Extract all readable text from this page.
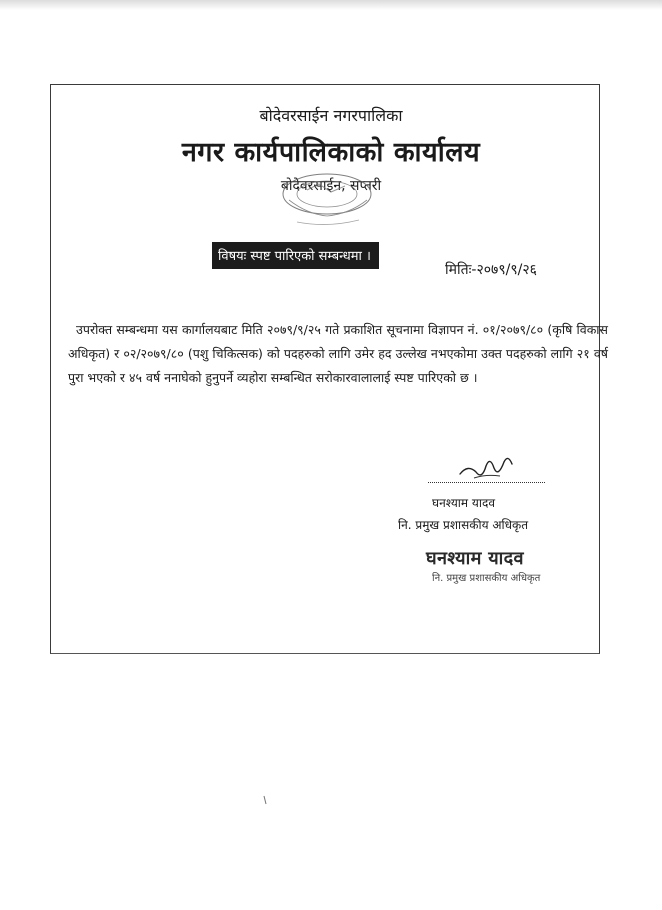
बोदेवरसाईन नगरपालिका
नगर कार्यपालिकाको कार्यालय
बोदेवरसाईन, सप्तरी
विषयः स्पष्ट पारिएको सम्बन्धमा ।
मितिः-२०७९/९/२६
उपरोक्त सम्बन्धमा यस कार्गालयबाट मिति २०७९/९/२५ गते प्रकाशित सूचनामा विज्ञापन नं. ०१/२०७९/८० (कृषि विकास अधिकृत) र ०२/२०७९/८० (पशु चिकित्सक) को पदहरुको लागि उमेर हद उल्लेख नभएकोमा उक्त पदहरुको लागि २१ वर्ष पुरा भएको र ४५ वर्ष ननाघेको हुनुपर्ने व्यहोरा सम्बन्धित सरोकारवालालाई स्पष्ट पारिएको छ ।
घनश्याम यादव
नि. प्रमुख प्रशासकीय अधिकृत
घनश्याम यादव
नि. प्रमुख प्रशासकीय अधिकृत
